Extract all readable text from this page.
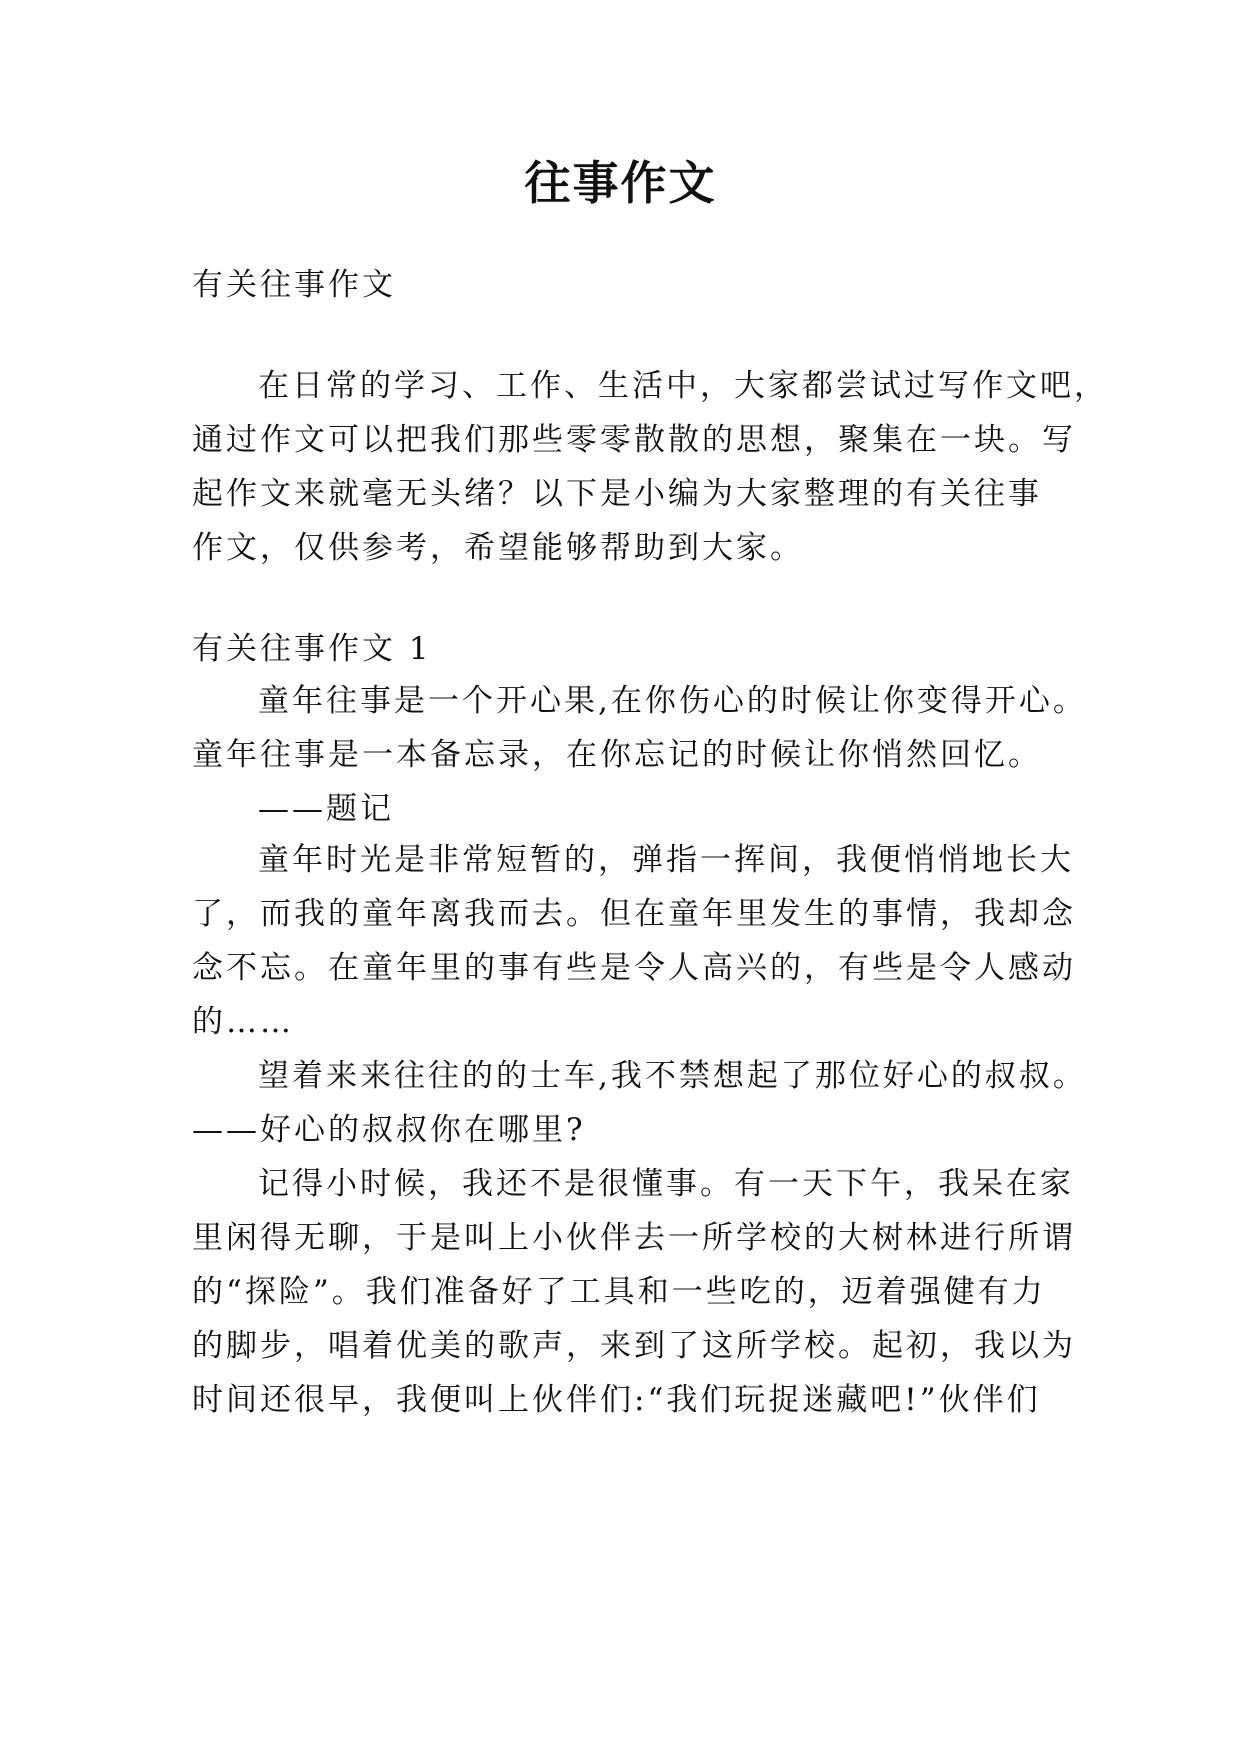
往事作文
有关往事作文
在日常的学习、工作、生活中，大家都尝试过写作文吧，
通过作文可以把我们那些零零散散的思想，聚集在一块。写
起作文来就毫无头绪？以下是小编为大家整理的有关往事
作文，仅供参考，希望能够帮助到大家。
有关往事作文 1
童年往事是一个开心果,在你伤心的时候让你变得开心。
童年往事是一本备忘录，在你忘记的时候让你悄然回忆。
——题记
童年时光是非常短暂的，弹指一挥间，我便悄悄地长大
了，而我的童年离我而去。但在童年里发生的事情，我却念
念不忘。在童年里的事有些是令人高兴的，有些是令人感动
的……
望着来来往往的的士车,我不禁想起了那位好心的叔叔。
——好心的叔叔你在哪里?
记得小时候，我还不是很懂事。有一天下午，我呆在家
里闲得无聊，于是叫上小伙伴去一所学校的大树林进行所谓
的“探险”。我们准备好了工具和一些吃的，迈着强健有力
的脚步，唱着优美的歌声，来到了这所学校。起初，我以为
时间还很早，我便叫上伙伴们:“我们玩捉迷藏吧!”伙伴们
